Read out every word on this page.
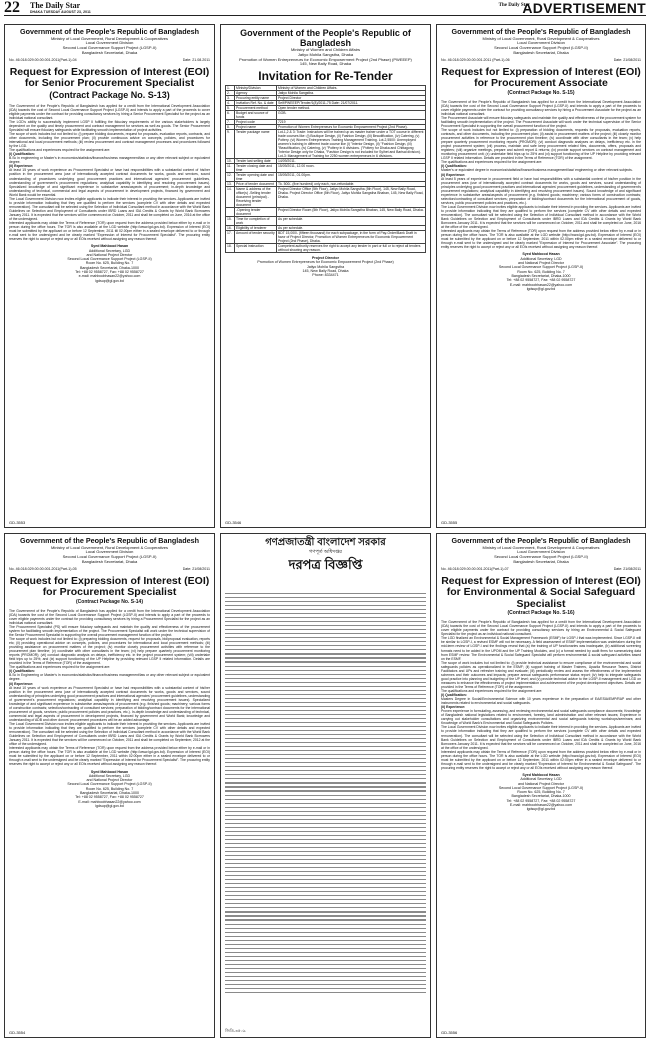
22 The Daily Star
DHAKA TUESDAY AUGUST 23, 2011
The Daily Star
ADVERTISEMENT
Government of the People's Republic of Bangladesh
Ministry of Local Government, Rural Development & Cooperatives
Local Government Division
Second Local Governance Support Project (LGSP-II)
Bangladesh Secretariat, Dhaka
No. 46.018.029.00.00.001.2011(Part-1)-04	Date: 21.08.2011
Request for Expression of Interest (EOI) for Senior Procurement Specialist
(Contract Package No. S-13)

The Government of the People's Republic of Bangladesh has applied for a credit from the International Development Association (IDA) towards the cost of Second Local Governance Support Project (LGSP-II) and intends to apply a part of the proceeds to cover eligible payments under the contract for providing consultancy services by hiring a Senior Procurement Specialist for the project as an individual national consultant.

The LGD's ability to successfully implement LGSP II fulfilling the fiduciary requirements of the various stakeholders is largely dependent on the quality and timely procurement and contract management for services as well as goods. The Senior Procurement Specialist will ensure fiduciary safeguards while facilitating smooth implementation of project activities.

The scope of work includes but not limited to: (i) prepare bidding documents, request for proposals, evaluation reports, contracts, and other documents, including the procurement plan; (ii) provide continuous advice on concepts, policies, and procedures for international and local procurement methods; (iii) review procurement and contract management processes and procedures followed by the LGD.

The qualifications and experiences required for the assignment are:

(i) Qualification:

B.Sc in engineering or Master's in economics/statistics/finance/business management/law or any other relevant subject or equivalent degree.

(ii) Experience:

At least 15 years of work experience as Procurement Specialist or have had responsibilities with a substantial content of his/her position in the procurement area (use of internationally accepted contract documents for works, goods and services, sound understanding of procedures underlying good procurement practices and international agencies' procurement guidelines, understanding of government's procurement regulations; analytical capability in identifying and resolving procurement issues). Specialized knowledge of and significant experience in substantive areas/aspects of procurement; in-depth knowledge and understanding of technical, commercial and legal aspects of procurement in development projects, financed by government and World Bank would be essential.

The Local Government Division now invites eligible applicants to indicate their interest in providing the services. Applicants are invited to provide information indicating that they are qualified to perform the services (complete CV with other details and expected remuneration). The consultant will be selected using the Selection of Individual Consultant method in accordance with the World Bank Guidelines on Selection and Employment of Consultants under IBRD Loans and IDA Credits & Grants by World Bank Borrowers January 2011. It is expected that the services will be commenced on October, 2011 and shall be completed on June, 2016 at the office of the undersigned.

Interested applicants may obtain the Terms of Reference (TOR) upon request from the address provided below either by e-mail or in person during the office hours. The TOR is also available at the LGD website (http://www.lgd.gov.bd). Expression of Interest (EOI) must be submitted by the applicant on or before 12 September, 2011 till 02.00pm either in a sealed envelope delivered to or through e-mail sent to the undersigned and be clearly marked "Expression of Interest for Procurement Specialist". The procuring entity reserves the right to accept or reject any or all EOIs received without assigning any reason thereof.

Syed Mahbood Hasan
Additional Secretary, LGD
and National Project Director
Second Local Governance Support Project (LGSP-II)
Room No. 625, Building No. 7
Bangladesh Secretariat, Dhaka-1000
Tel: +88 02 9558727, Fax: +88 02 9558727
e-mail: mahboobhasan22@yahoo.com
lgdsup@gl.gov.bd
GD-3553
Government of the People's Republic of Bangladesh
Ministry of Women and Children Affairs
Jatiyo Mohila Sangstha, Dhaka
Promotion of Women Entrepreneurs for Economic Empowerment Project (2nd Phase) (PWEEEP)
145, New Baily Road, Dhaka
Invitation for Re-Tender
1.	Ministry/Division	Ministry of Women and Children Affairs.
2.	Agency	Jatiyo Mohila Sangstha.
3.	Procuring entity name	Project Director
4.	Invitation Ref. No. & date	Self/PWEEEP/Tender/1(8)/2011-75 Date: 21/07/2011.
5.	Procurement method	Open tender method.
6.	Budget and source of funds	GOB.
7.	Project code	7219
8.	Project name	Promotion of Women Entrepreneurs for Economic Empowerment Project (2nd Phase).
9.	Tender package name	Lot-1,2 & 3: Trade: Instructors will be trained up as master trainer under a TOT course in different trade courses like: (i) Boutique Design, (ii) Fashion Design, (iii) Beautification, (iv) Catering, (v) Pottery. (vi) Women Entrepreneurs Training Management Training. Lot-2,5500: Unemployed women's training in different trade course like (i) "Interior Design, (ii) "Fashion Design, (iii) "Beautification, (iv) Catering, (v) "Pottery in 6 divisions. ("Pottery for Dhaka and Chittagong "Interior Design only for Dhaka, "Fashion Design is not included for Sylhet and Barisal division). Lot-3: Management of Training for 2250 women entrepreneurs in 6 divisions.
10.	Tender last selling date	14/09/2011.
11.	Tender closing date and time	15/09/2011, 12.00 noon.
12.	Tender opening date and time	15/09/2011, 01.00pm.
13.	Price of tender document	Tk. 500/- (five hundred) only each, non-refundable.
14.	Name & address of the office(s) -Selling tender document (principal) -Receiving tender document	Project Director Office (5th Floor), Jatiyo Mohila Sangstha (5th Floor), 145, New Baily Road, Dhaka. Project Director Office (5th Floor), Jatiyo Mohila Sangstha Bhaban, 145, New Baily Road, Dhaka.
	-Opening tender document	Project Director Room (5th Floor), Jatiyo Mohila Sangstha Bhaban, 145, New Baily Road, Dhaka.
15.	Time for completion of work	As per schedule.
16.	Eligibility of tenderer	As per schedule.
17.	Amount of tender security	BDT 15,000/- (fifteen thousand) for each subpackage, in the form of Pay-Order/Bank Draft in favor of Project Director, Promotion of Women Entrepreneurs for Economic Empowerment Project (2nd Phase), Dhaka.
18.	Special instruction	Competent authority reserves the right to accept any tender in part or full or to reject all tenders without showing any reason.
Project Director
Promotion of Women Entrepreneurs for Economic Empowerment Project (2nd Phase)
Jatiyo Mohila Sangstha
145, New Baily Road, Dhaka
Phone: 8334471
GD-3546
Government of the People's Republic of Bangladesh
Ministry of Local Government, Rural Development & Cooperatives
Local Government Division
Second Local Governance Support Project (LGSP-II)
Bangladesh Secretariat, Dhaka
No. 46.018.029.00.00.001.2011 (Part-1)-06	Date: 21/08/2011
Request for Expression of Interest (EOI) for Procurement Associate
(Contract Package No. S-15)

The Government of the People's Republic of Bangladesh has applied for a credit from the International Development Association (IDA) towards the cost of the Second Local Governance Support Project (LGSP-II) and intends to apply a part of the proceeds to cover eligible payments under the contract for providing consultancy services by hiring a Procurement Associate for the project as an individual national consultant.

The Procurement Associate will ensure fiduciary safeguards and maintain the quality and effectiveness of the procurement system for facilitating smooth implementation of the project. The Procurement Associate will work under the technical supervision of the Senior Procurement Specialist in supporting the overall procurement function of the project.

The scope of work includes but not limited to: (i) preparation of bidding documents, requests for proposals, evaluation reports, contracts, and other documents, including the procurement plan; (ii) assist in procurement matters of the project; (iii) closely monitor procurement activities in reference to the procurement plan timeline; (iv) coordinate with other consultants in the team; (v) help prepare quarterly procurement monitoring reports (PROMOR); (vi) conduct diagnostic analyses on delays, inefficiency etc. in the project procurement system; (vii) process, maintain and safe keep procurement related files, documents, offers, proposals and registers; (viii) organize meetings, prepare and submit report & returns; (ix) provide support services on contract management and monitoring procurement unit; (x) undertake field trips up to 25% and (xi) support functioning of the UP Helpline by providing relevant LGSP II related information. Details are provided in the Terms of Reference (TOR) of the assignment.

The qualifications and experiences required for the assignment are:

(i) Qualification:

Master's or equivalent degree in economics/statistics/finance/business management/law/ engineering or other relevant subjects.

(ii) Experience:

At least 5 years of experience in procurement field or have had responsibilities with a substantial content of his/her position in the procurement area (use of internationally accepted contract documents for works, goods and services, sound understanding of principles underlying good procurement practices and international agencies' procurement guidelines, understanding of government's procurement regulations; analytical capability in identifying and resolving procurement issues). Sound knowledge of and significant experience in substantive areas/aspects of procurement (e.g. finished goods; machinery; various forms of construction contracts; selection/contracting of consultant services; preparation of bidding/contract documents for the international procurement of goods, services, public procurement policies and practices, etc.).

The Local Government Division now invites eligible applicants to indicate their interest in providing the services. Applicants are invited to provide information indicating that they are qualified to perform the services (complete CV with other details and expected remuneration). The consultant will be selected using the Selection of Individual Consultant method in accordance with the World Bank Guidelines on Selection and Employment of Consultants under IBRD Loans and IDA Credits & Grants by World Bank Borrowers January 2011. It is expected that the services will be commenced on October, 2011 and shall be completed on June, 2016 at the office of the undersigned.

Interested applicants may obtain the Terms of Reference (TOR) upon request from the address provided below either by e-mail or in person during the office hours. The TOR is also available at the LGD website (http://www.lgd.gov.bd). Expression of Interest (EOI) must be submitted by the applicant on or before 12 September, 2011 within 02.00pm either in a sealed envelope delivered to or through e-mail sent to the undersigned and be clearly marked "Expression of Interest for Procurement Associate". The procuring entity reserves the right to accept or reject any or all EOIs received without assigning any reason thereof.

Syed Mahbood Hasan
Additional Secretary, LGD
and National Project Director
Second Local Governance Support Project (LGSP-II)
Room No. 625, Building No. 7
Bangladesh Secretariat, Dhaka-1000
Tel: +88 02 9558727, Fax: +88 02 9558727
E-mail: mahboobhasan22@yahoo.com
lgdsup@gl.gov.bd
GD-3555
Government of the People's Republic of Bangladesh
Ministry of Local Government, Rural Development & Cooperatives
Local Government Division
Second Local Governance Support Project (LGSP-II)
Bangladesh Secretariat, Dhaka
No. 46.018.029.00.00.001.2011(Part-1)-05	Date: 21/08/2011
Request for Expression of Interest (EOI) for Procurement Specialist
(Contract Package No. S-14)

The Government of the People's Republic of Bangladesh has applied for a credit from the International Development Association (IDA) towards the cost of the Second Local Governance Support Project (LGSP-II) and intends to apply a part of the proceeds to cover eligible payments under the contract for providing consultancy services by hiring a Procurement Specialist for the project as an individual national consultant.

The Procurement Specialist (PS) will ensure fiduciary safeguards and maintain the quality and effectiveness of the procurement system for facilitating smooth implementation of the project. The Procurement Specialist will work under the technical supervision of the Senior Procurement Specialist in supporting the overall procurement management function of the project.

The scope of work includes but not limited to: (i) preparing bidding documents, request for proposals, bid/proposal evaluation, reports etc; (ii) providing operational advice on concepts, policies, and procedures for international and local procurement methods; (iii) providing assistance on procurement matters of the project; (iv) monitor closely procurement activities with reference to the procurement plan timeline; (v) coordinate with other consultants in the team; (vi) help prepare quarterly procurement monitoring reports (PROMOR); (vii) conduct diagnostic analysis on delays, inefficiency etc. in the project procurement system; (viii) undertake field trips up to 25%; and (ix) support functioning of the UP Helpline by providing relevant LGSP II related information. Details are provided in the Terms of Reference (TOR) of the assignment.

The qualifications and experiences required for the assignment are:

(i) Qualification:

B.Sc in Engineering or Master's in economics/statistics/finance/business management/law or any other relevant subject or equivalent degree.

(ii) Experience:

At least 10 years of work experience as Procurement Specialist or have had responsibilities with a substantial content of his/her position in the procurement area (use of internationally accepted contract documents for works, goods and services, sound understanding of principles underlying good procurement practices and international agencies' procurement guidelines, understanding of government's procurement regulations; analytical capability in identifying and resolving procurement issues). Specialized knowledge of and significant experience in substantive areas/aspects of procurement (e.g. finished goods; machinery; various forms of construction contracts; selection/contracting of consultant services; preparation of bidding/contract documents for the international procurement of goods, services; public procurement policies and practices, etc.). In-depth knowledge and understanding of technical, commercial and legal aspects of procurement in development projects, financed by government and World Bank; knowledge and understanding of ADB and other donors' procurement procedures will be an added advantage.

The Local Government Division now invites eligible applicants to indicate their interest in providing the services. Applicants are invited to provide information indicating that they are qualified to perform the services (complete CV with other details and expected remuneration). The consultant will be selected using the Selection of Individual Consultant method in accordance with the World Bank Guidelines on Selection and Employment of Consultants under IBRD Loans and IDA Credits & Grants by World Bank Borrowers January 2011. It is expected that the services will be commenced on October, 2011 and shall be completed on September, 2012 at the office of the undersigned.

Interested applicants may obtain the Terms of Reference (TOR) upon request from the address provided below either by e-mail or in person during the office hours. The TOR is also available at the LGD website (http://www.lgd.gov.bd). Expression of Interest (EOI) must be submitted by the applicant on or before 12 September, 2011 within 02:00pm either in a sealed envelope delivered to or through e-mail sent to the undersigned and be clearly marked "Expression of Interest for Procurement Specialist". The procuring entity reserves the right to accept or reject any or all EOIs received without assigning any reason thereof.

Syed Mahbood Hasan
Additional Secretary, LGD
and National Project Director
Second Local Governance Support Project (LGSP-II)
Room No. 625, Building No. 7
Bangladesh Secretariat, Dhaka-1000
Tel: +88 02 9558727, Fax: +88 02 9558727
E-mail: mahboobhasan22@yahoo.com
lgdsup@gl.gov.bd
GD-3554
গণপ্রজাতন্ত্রী বাংলাদেশ সরকার
গণপূর্ত অধিদপ্তর
দরপত্র বিজ্ঞপ্তি
জিডি-৩৫০৯
Government of the People's Republic of Bangladesh
Ministry of Local Government, Rural Development & Cooperatives
Local Government Division
Second Local Governance Support Project (LGSP-II)
Bangladesh Secretariat, Dhaka
No. 46.018.029.00.00.001.2011(Part-1)-07	Date: 21/08/2011
Request for Expression of Interest (EOI) for Environmental & Social Safeguard Specialist
(Contract Package No. S-16)

The Government of the People's Republic of Bangladesh has applied for a credit from the International Development Association (IDA) towards the cost of the Second Local Governance Support Project (LGSP-II) and intends to apply a part of the proceeds to cover eligible payments under the contract for providing consultancy services by hiring an Environmental & Social Safeguard Specialist for the project as an individual national consultant.

The LGD finalized an Environmental & Social Management Framework (ESMF) for LGSP-I that was implemented. Since LGSP-II will be similar to LGSP-I, a revised ESMF will not be necessary. A field assessment of ESMF implementation was undertaken during the mid-term review of LGSP-I and the findings reveal that (a) the training of UP functionaries was inadequate, (b) additional screening formats need to be added in the UPOM and the UP Training Modules, and (c) a format needed by audit firms for summarizing data from ESMF review. The Environmental & Social Safeguard Specialist will perform environmental & social safeguard activities based on the ESMF.

The scope of work includes but not limited to: (i) provide technical assistance to ensure compliance of the environmental and social safeguards policies as operationalized in the ESMF; (ii) support training of Master Trainers, Upazila Resource Teams, District Facilitators and UPs and refresher training and evaluate; (iii) periodically review and assess the effectiveness of the implemented schemes and their outcomes and impacts; prepare annual safeguards performance status report; (iv) help to integrate safeguards good practice into planning and budgeting of the UP level; and (v) provide technical advice to the LGSP-II management and LGD on measures to enhance the effectiveness of project implementation and achievement of the project development objectives. Details are provided in the Terms of Reference (TOR) of the assignment.

The qualifications and experiences required for the assignment are:

(i) Qualification:

Masters Degree in Social/Environmental Science with 10 years experience in the preparation of EA/ESIA/EMP/RAP and other instruments related to environmental and social safeguards.

(ii) Experience:

Proven experience in formulating, assessing, and reviewing environmental and social safeguards compliance documents; Knowledge of Bangladesh national legislations related to environment, forestry, land administration and other relevant issues; Experience in carrying out stakeholder consultations and organizing environmental and social safeguards training workshops/seminars; and Knowledge of World Bank's Environmental and Social Safeguards Policies.

The Local Government Division now invites eligible applicants to indicate their interest in providing the services. Applicants are invited to provide information indicating that they are qualified to perform the services (complete CV with other details and expected remuneration). The consultant will be selected using the Selection of Individual Consultant method in accordance with the World Bank Guidelines on Selection and Employment of Consultants under IBRD Loans and IDA Credits & Grants by World Bank Borrowers January 2011. It is expected that the services will be commenced on October, 2011 and shall be completed on June, 2016 at the office of the undersigned.

Interested applicants may obtain the Terms of Reference (TOR) upon request from the address provided below either by e-mail or in person during the office hours. The TOR is also available at the LGD website (http://www.lgd.gov.bd). Expression of Interest (EOI) must be submitted by the applicant on or before 12 September, 2011 within 02:00pm either in a sealed envelope delivered to or through e-mail sent to the undersigned and be clearly marked "Expression of Interest for Environmental & Social Safeguard". The procuring entity reserves the right to accept or reject any or all EOIs received without assigning any reason thereof.

Syed Mahbood Hasan
Additional Secretary, LGD
and National Project Director
Second Local Governance Support Project (LGSP-II)
Room No. 625, Building No. 7
Bangladesh Secretariat, Dhaka-1000
Tel: +88 02 9558727, Fax: +88 02 9558727
E-mail: mahboobhasan22@yahoo.com
lgdsup@gl.gov.bd
GD-3556
